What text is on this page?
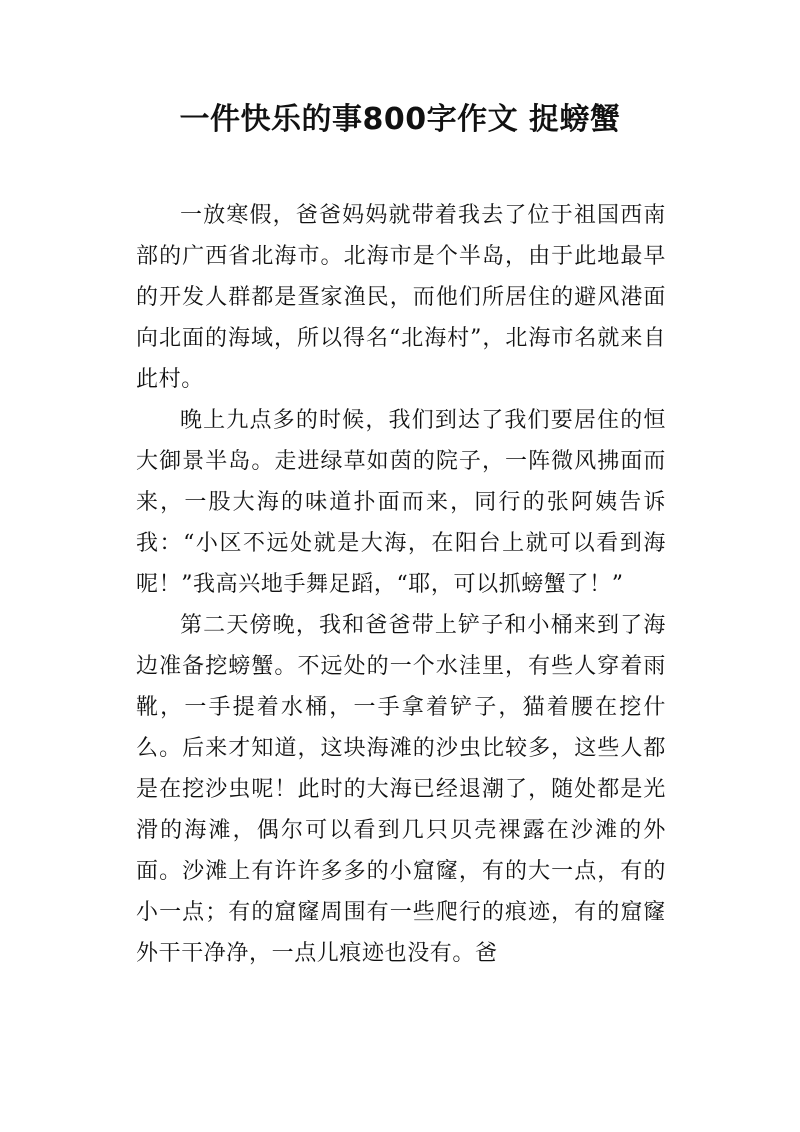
一件快乐的事800字作文 捉螃蟹

一放寒假，爸爸妈妈就带着我去了位于祖国西南部的广西省北海市。北海市是个半岛，由于此地最早的开发人群都是疍家渔民，而他们所居住的避风港面向北面的海域，所以得名“北海村”，北海市名就来自此村。

晚上九点多的时候，我们到达了我们要居住的恒大御景半岛。走进绿草如茵的院子，一阵微风拂面而来，一股大海的味道扑面而来，同行的张阿姨告诉我：“小区不远处就是大海，在阳台上就可以看到海呢！”我高兴地手舞足蹈，“耶，可以抓螃蟹了！”

第二天傍晚，我和爸爸带上铲子和小桶来到了海边准备挖螃蟹。不远处的一个水洼里，有些人穿着雨靴，一手提着水桶，一手拿着铲子，猫着腰在挖什么。后来才知道，这块海滩的沙虫比较多，这些人都是在挖沙虫呢！此时的大海已经退潮了，随处都是光滑的海滩，偶尔可以看到几只贝壳裸露在沙滩的外面。沙滩上有许许多多的小窟窿，有的大一点，有的小一点；有的窟窿周围有一些爬行的痕迹，有的窟窿外干干净净，一点儿痕迹也没有。爸
